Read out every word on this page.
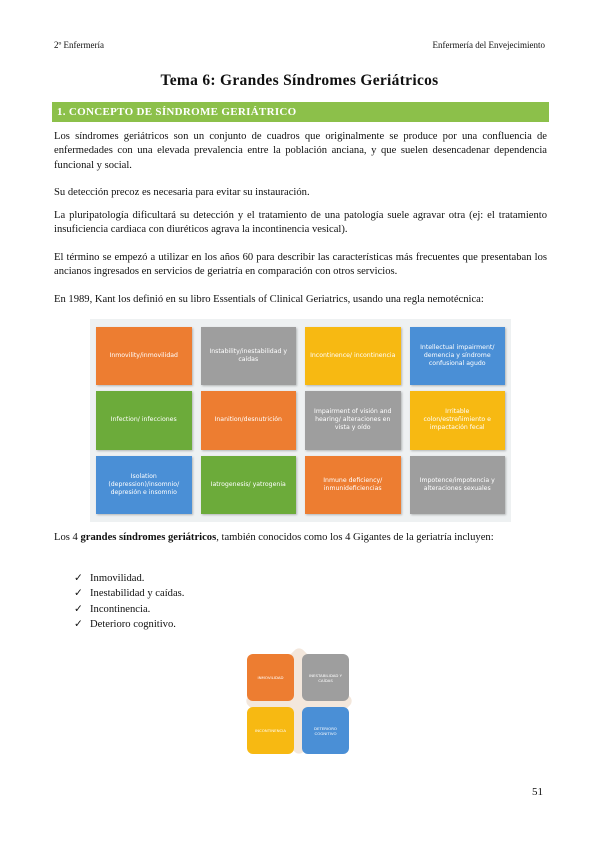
2º Enfermería	Enfermería del Envejecimiento
Tema 6: Grandes Síndromes Geriátricos
1. CONCEPTO DE SÍNDROME GERIÁTRICO

Los síndromes geriátricos son un conjunto de cuadros que originalmente se produce por una confluencia de enfermedades con una elevada prevalencia entre la población anciana, y que suelen desencadenar dependencia funcional y social.

Su detección precoz es necesaria para evitar su instauración.

La pluripatología dificultará su detección y el tratamiento de una patología suele agravar otra (ej: el tratamiento insuficiencia cardiaca con diuréticos agrava la incontinencia vesical).

El término se empezó a utilizar en los años 60 para describir las características más frecuentes que presentaban los ancianos ingresados en servicios de geriatría en comparación con otros servicios.

En 1989, Kant los definió en su libro Essentials of Clinical Geriatrics, usando una regla nemotécnica:

Inmovility/inmovilidad
Instability/inestabilidad y caídas
Incontinence/ incontinencia
Intellectual impairment/ demencia y síndrome confusional agudo
Infection/ infecciones	Inanition/desnutrición
Impairment of visión and hearing/ alteraciones en vista y oído
Irritable colon/estreñimiento e impactación fecal
Isolation (depression)/insomnio/ depresión e insomnio
Iatrogenesis/ yatrogenia
Inmune deficiency/ inmunideficiencias
Impotence/impotencia y alteraciones sexuales

Los 4 grandes síndromes geriátricos, también conocidos como los 4 Gigantes de la geriatría incluyen:

✓ Inmovilidad.
✓ Inestabilidad y caídas.
✓ Incontinencia.
✓ Deterioro cognitivo.
INMOVILIDAD	INESTABILIDAD Y CAÍDAS
INCONTINENCIA	DETERIORO COGNITIVO
51
